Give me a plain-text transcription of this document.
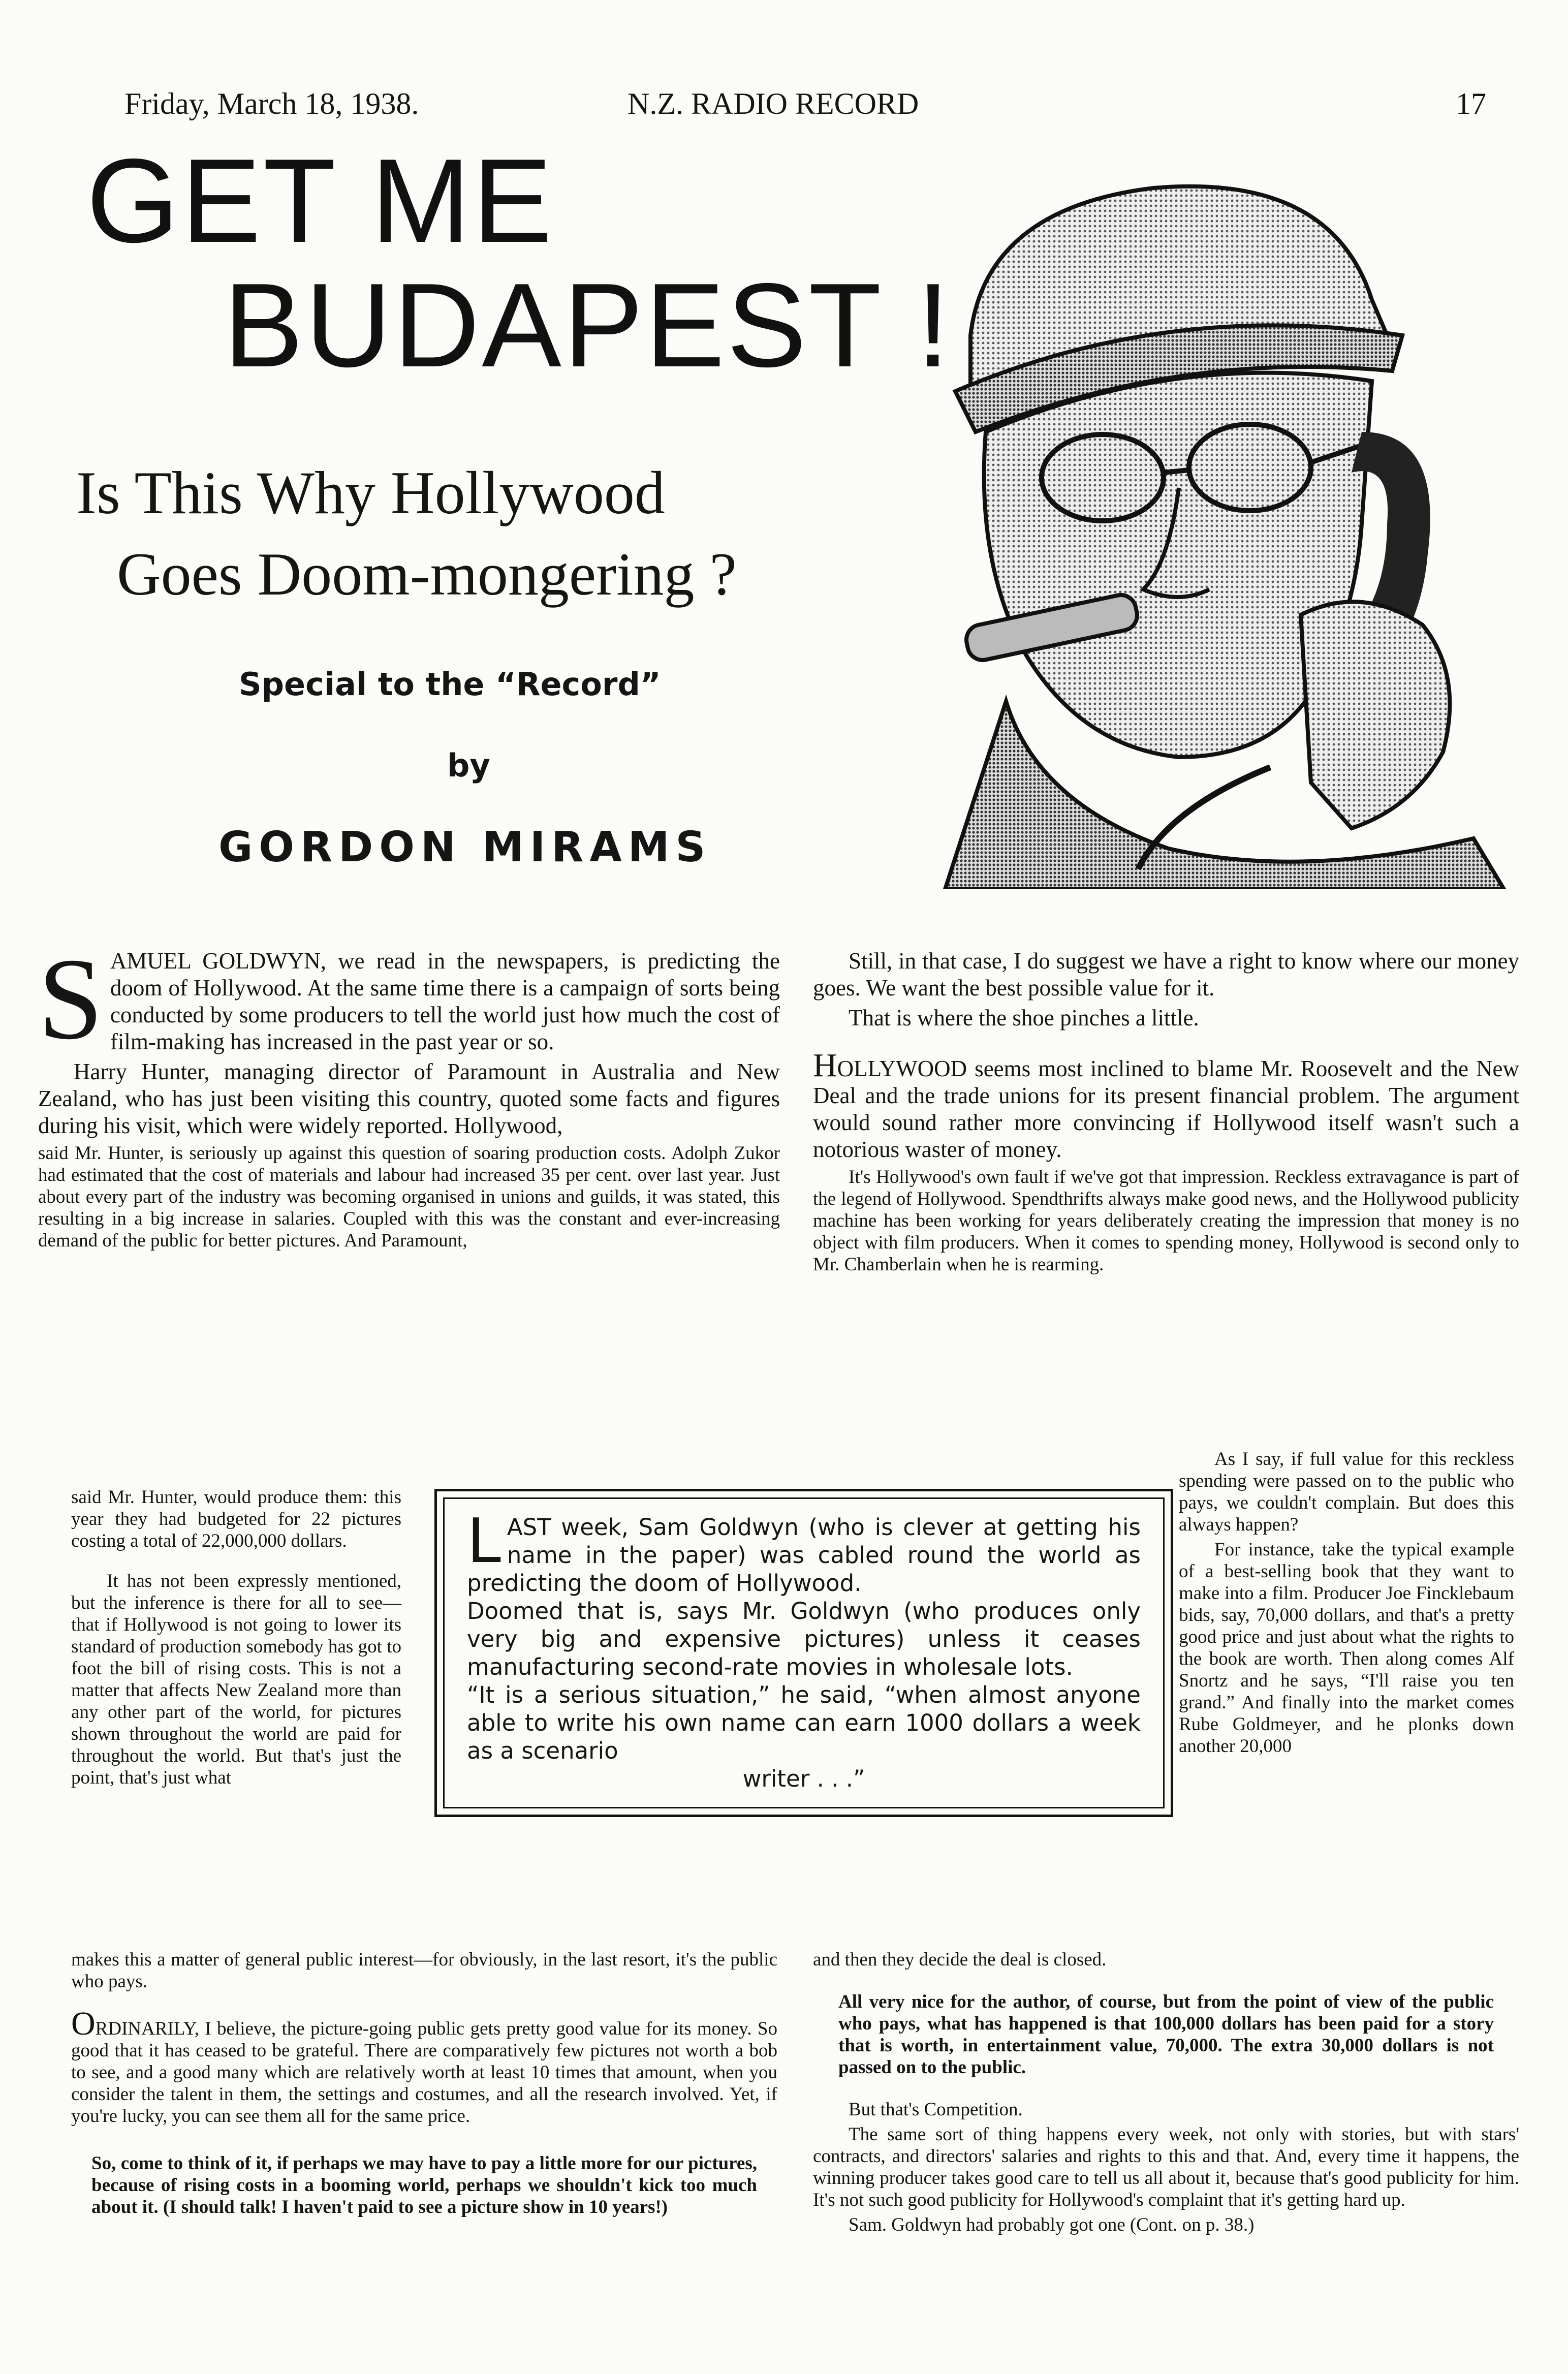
Friday, March 18, 1938.	N.Z. RADIO RECORD	17
GET ME
BUDAPEST !
Is This Why Hollywood
Goes Doom-mongering ?
Special to the “Record”
by
GORDON MIRAMS

SAMUEL GOLDWYN, we read in the newspapers, is predicting the doom of Hollywood. At the same time there is a campaign of sorts being conducted by some producers to tell the world just how much the cost of film-making has increased in the past year or so.

Harry Hunter, managing director of Paramount in Australia and New Zealand, who has just been visiting this country, quoted some facts and figures during his visit, which were widely reported. Hollywood,

said Mr. Hunter, is seriously up against this question of soaring production costs. Adolph Zukor had estimated that the cost of materials and labour had increased 35 per cent. over last year. Just about every part of the industry was becoming organised in unions and guilds, it was stated, this resulting in a big increase in salaries. Coupled with this was the constant and ever-increasing demand of the public for better pictures. And Paramount,

said Mr. Hunter, would produce them: this year they had budgeted for 22 pictures costing a total of 22,000,000 dollars.

It has not been expressly mentioned, but the inference is there for all to see—that if Hollywood is not going to lower its standard of production somebody has got to foot the bill of rising costs. This is not a matter that affects New Zealand more than any other part of the world, for pictures shown throughout the world are paid for throughout the world. But that's just the point, that's just what

makes this a matter of general public interest—for obviously, in the last resort, it's the public who pays.

ORDINARILY, I believe, the picture-going public gets pretty good value for its money. So good that it has ceased to be grateful. There are comparatively few pictures not worth a bob to see, and a good many which are relatively worth at least 10 times that amount, when you consider the talent in them, the settings and costumes, and all the research involved. Yet, if you're lucky, you can see them all for the same price.

So, come to think of it, if perhaps we may have to pay a little more for our pictures, because of rising costs in a booming world, perhaps we shouldn't kick too much about it. (I should talk! I haven't paid to see a picture show in 10 years!)

Still, in that case, I do suggest we have a right to know where our money goes. We want the best possible value for it.

That is where the shoe pinches a little.

HOLLYWOOD seems most inclined to blame Mr. Roosevelt and the New Deal and the trade unions for its present financial problem. The argument would sound rather more convincing if Hollywood itself wasn't such a notorious waster of money.

It's Hollywood's own fault if we've got that impression. Reckless extravagance is part of the legend of Hollywood. Spendthrifts always make good news, and the Hollywood publicity machine has been working for years deliberately creating the impression that money is no object with film producers. When it comes to spending money, Hollywood is second only to Mr. Chamberlain when he is rearming.

As I say, if full value for this reckless spending were passed on to the public who pays, we couldn't complain. But does this always happen?

For instance, take the typical example of a best-selling book that they want to make into a film. Producer Joe Fincklebaum bids, say, 70,000 dollars, and that's a pretty good price and just about what the rights to the book are worth. Then along comes Alf Snortz and he says, “I'll raise you ten grand.” And finally into the market comes Rube Goldmeyer, and he plonks down another 20,000

and then they decide the deal is closed.

All very nice for the author, of course, but from the point of view of the public who pays, what has happened is that 100,000 dollars has been paid for a story that is worth, in entertainment value, 70,000. The extra 30,000 dollars is not passed on to the public.

But that's Competition.

The same sort of thing happens every week, not only with stories, but with stars' contracts, and directors' salaries and rights to this and that. And, every time it happens, the winning producer takes good care to tell us all about it, because that's good publicity for him. It's not such good publicity for Hollywood's complaint that it's getting hard up.

Sam. Goldwyn had probably got one (Cont. on p. 38.)

LAST week, Sam Goldwyn (who is clever at getting his name in the paper) was cabled round the world as predicting the doom of Hollywood.

Doomed that is, says Mr. Goldwyn (who produces only very big and expensive pictures) unless it ceases manufacturing second-rate movies in wholesale lots.

“It is a serious situation,” he said, “when almost anyone able to write his own name can earn 1000 dollars a week as a scenario

writer . . .”
